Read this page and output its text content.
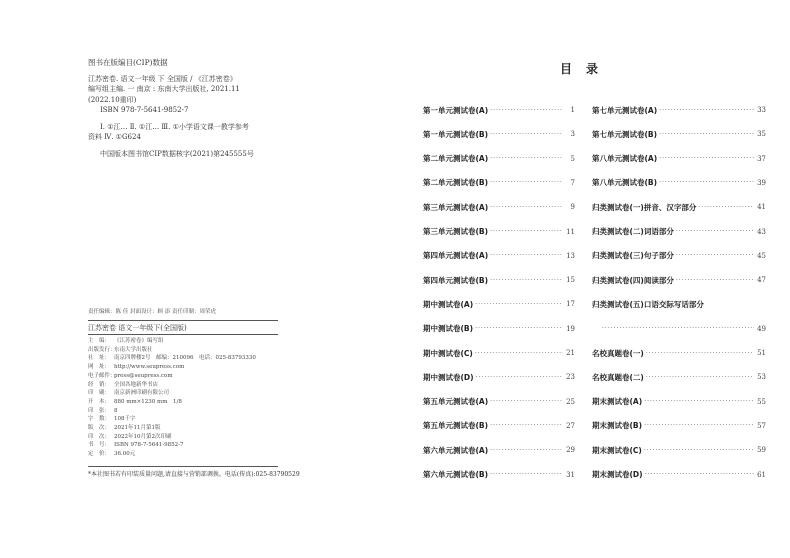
图书在版编目(CIP)数据
江苏密卷. 语文一年级 下 全国版 / 《江苏密卷》
编写组主编. 一 南京 : 东南大学出版社, 2021.11
(2022.10重印)
ISBN 978-7-5641-9852-7
Ⅰ. ①江… Ⅱ. ①江… Ⅲ. ①小学语文课一教学参考
资料 Ⅳ. ①G624
中国版本图书馆CIP数据核字(2021)第245555号
责任编辑：陈 佳 封面设计：顾 添 责任印制：周荣虎
江苏密卷 语文一年级下(全国版)
主　编： 《江苏密卷》编写组
出版发行：
东南大学出版社
社　址： 南京四牌楼2号　邮编：210096　电话：025-83793330
网　址： http://www.seupress.com
电子邮件：
press@seupress.com
经　销： 全国各地新华书店
印　刷： 南京新洲印刷有限公司
开　本： 880 mm×1230 mm　1/8
印　张： 8
字　数： 108千字
版　次： 2021年11月第1版
印　次： 2022年10月第2次印刷
书　号： ISBN 978-7-5641-9852-7
定　价： 36.00元
*本社图书若有印装质量问题,请直接与营销部调换。电话(传真):025-83790529
目录
第一单元测试卷(A) ·····	1
第一单元测试卷(B) ·····	3
第二单元测试卷(A) ·····	5
第二单元测试卷(B) ·····	7
第三单元测试卷(A) ·····	9
第三单元测试卷(B) ·····	11
第四单元测试卷(A) ·····	13
第四单元测试卷(B) ·····	15
期中测试卷(A) ·····	17
期中测试卷(B) ·····	19
期中测试卷(C) ·····	21
期中测试卷(D) ·····	23
第五单元测试卷(A) ·····	25
第五单元测试卷(B) ·····	27
第六单元测试卷(A) ·····	29
第六单元测试卷(B) ·····	31
第七单元测试卷(A) ·····	33
第七单元测试卷(B) ·····	35
第八单元测试卷(A) ·····	37
第八单元测试卷(B) ·····	39
归类测试卷(一)拼音、汉字部分 ·····	41
归类测试卷(二)词语部分 ·····	43
归类测试卷(三)句子部分 ·····	45
归类测试卷(四)阅读部分 ·····	47
归类测试卷(五)口语交际写话部分
·····
49
名校真题卷(一) ·····	51
名校真题卷(二) ·····	53
期末测试卷(A) ·····	55
期末测试卷(B) ·····	57
期末测试卷(C) ·····	59
期末测试卷(D) ·····	61
